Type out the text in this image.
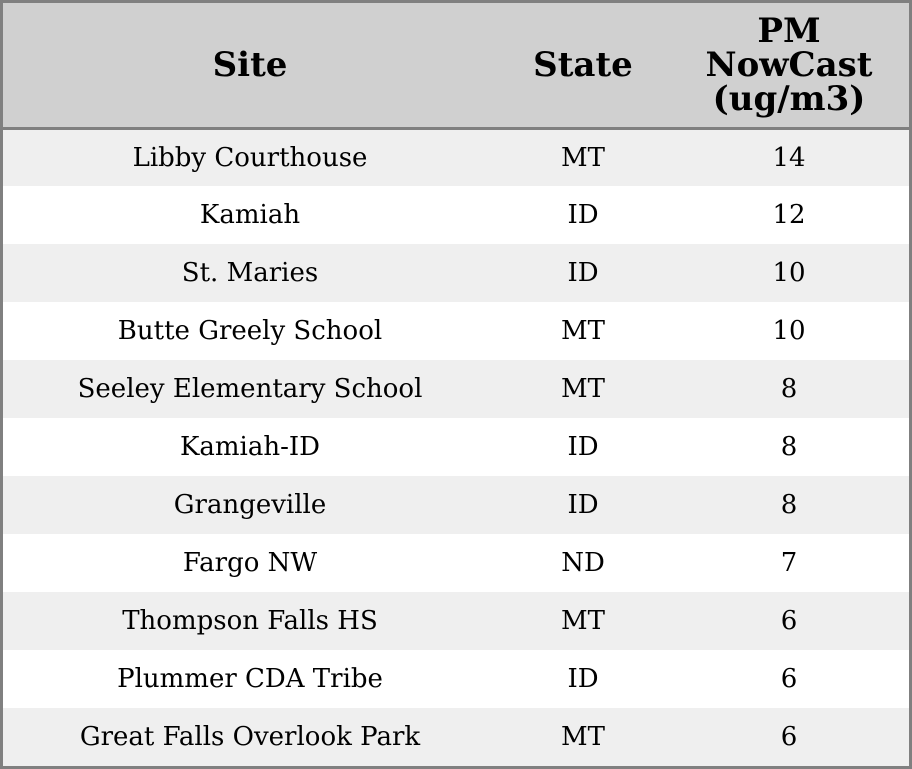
Site	State	PM
NowCast
(ug/m3)

Libby Courthouse	MT	14
Kamiah	ID	12
St. Maries	ID	10
Butte Greely School	MT	10
Seeley Elementary School	MT	8
Kamiah-ID	ID	8
Grangeville	ID	8
Fargo NW	ND	7
Thompson Falls HS	MT	6
Plummer CDA Tribe	ID	6
Great Falls Overlook Park	MT	6
